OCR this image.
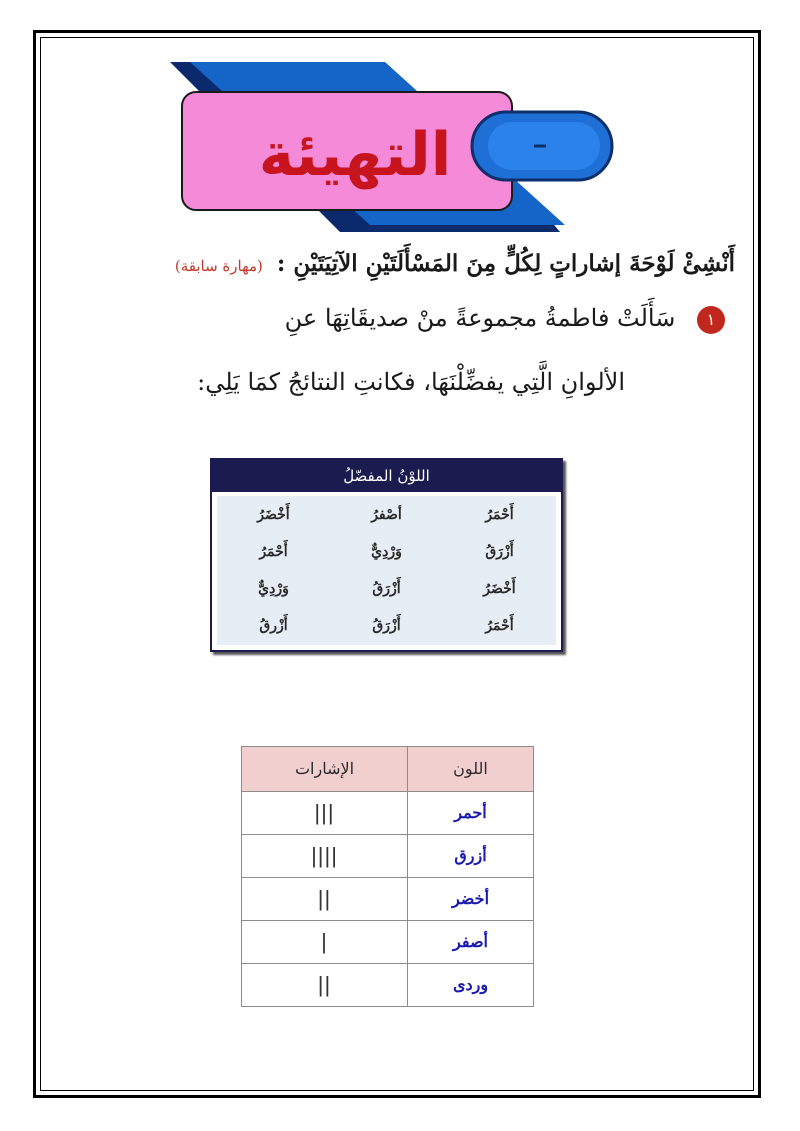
التهيئة
أَنْشِئْ لَوْحَةَ إشاراتٍ لِكُلٍّ مِنَ المَسْأَلَتَيْنِ الآتِيَتَيْنِ : (مهارة سابقة)
١ سَأَلَتْ فاطمةُ مجموعةً منْ صديقَاتِهَا عنِ
الألوانِ الَّتِي يفضِّلْنَهَا، فكانتِ النتائجُ كمَا يَلِي:
اللوْنُ المفضّلُ
أَحْمَرُ	أصْفرُ	أَخْضَرُ
أَزْرَقُ	وَرْدِيٌّ	أَحْمَرُ
أَخْضَرُ	أَزْرَقُ	وَرْدِيٌّ
أَحْمَرُ	أَزْرَقُ	أَزْرقُ
اللون	الإشارات
أحمر	|||
أزرق	||||
أخضر	||
أصفر	|
وردى	||
